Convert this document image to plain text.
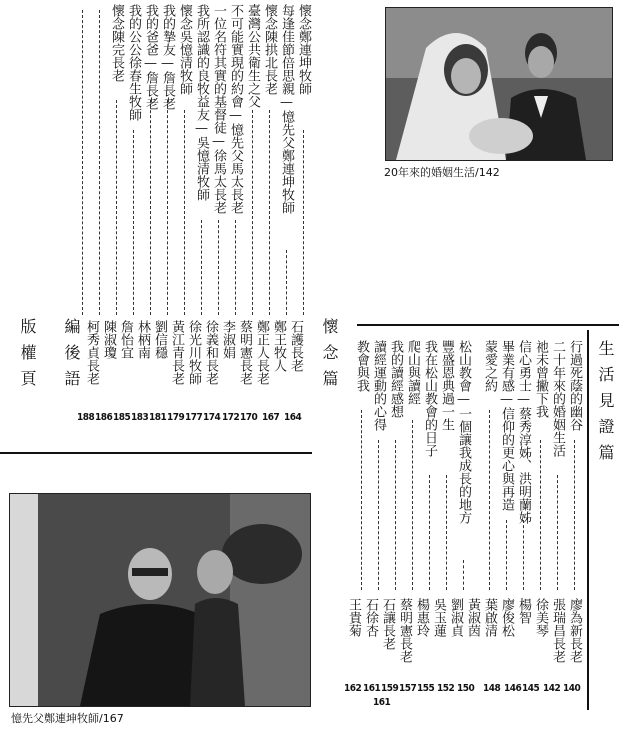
20年來的婚姻生活/142
憶先父鄭連坤牧師/167
懷念篇	生活見證篇
編後語
版權頁
懷念鄭連坤牧師
每逢佳節倍思親—憶先父鄭連坤牧師
懷念陳拱北長老
臺灣公共衛生之父
不可能實現的約會—憶先父馬太長老
一位名符其實的基督徒—徐馬太長老
我所認識的良牧益友—吳憶清牧師
懷念吳憶清牧師
我的摯友—詹長老
我的爸爸—詹長老
我的公公徐春生牧師
懷念陳完長老
石護長老
鄭王牧人
鄭正人長老
蔡明憲長老
李淑娟
徐義和長老
徐光川牧師
黃江青長老
劉信穩
林柄南
詹怡宜
陳淑瓊
柯秀貞長老
164
167
170
172
174
177
179
181
183
185
186
188	行過死蔭的幽谷
二十年來的婚姻生活
祂未曾撇下我
信心勇士—蔡秀淳姊、洪明蘭姊
畢業有感—信仰的更心與再造
蒙愛之約
松山教會—一個讓我成長的地方
豐盛恩典過一生
我在松山教會的日子
爬山與讀經
我的讀經感想
讀經運動的心得
教會與我
廖為新長老
張瑞昌長老
徐美琴
楊智
廖俊松
葉啟清
黃淑茵
劉淑貞
吳玉蓮
楊惠玲
蔡明憲長老
石讓長老
石徐杏
王貴菊
140
142
145
146
148
150
152
155
157
159
161
161
162
